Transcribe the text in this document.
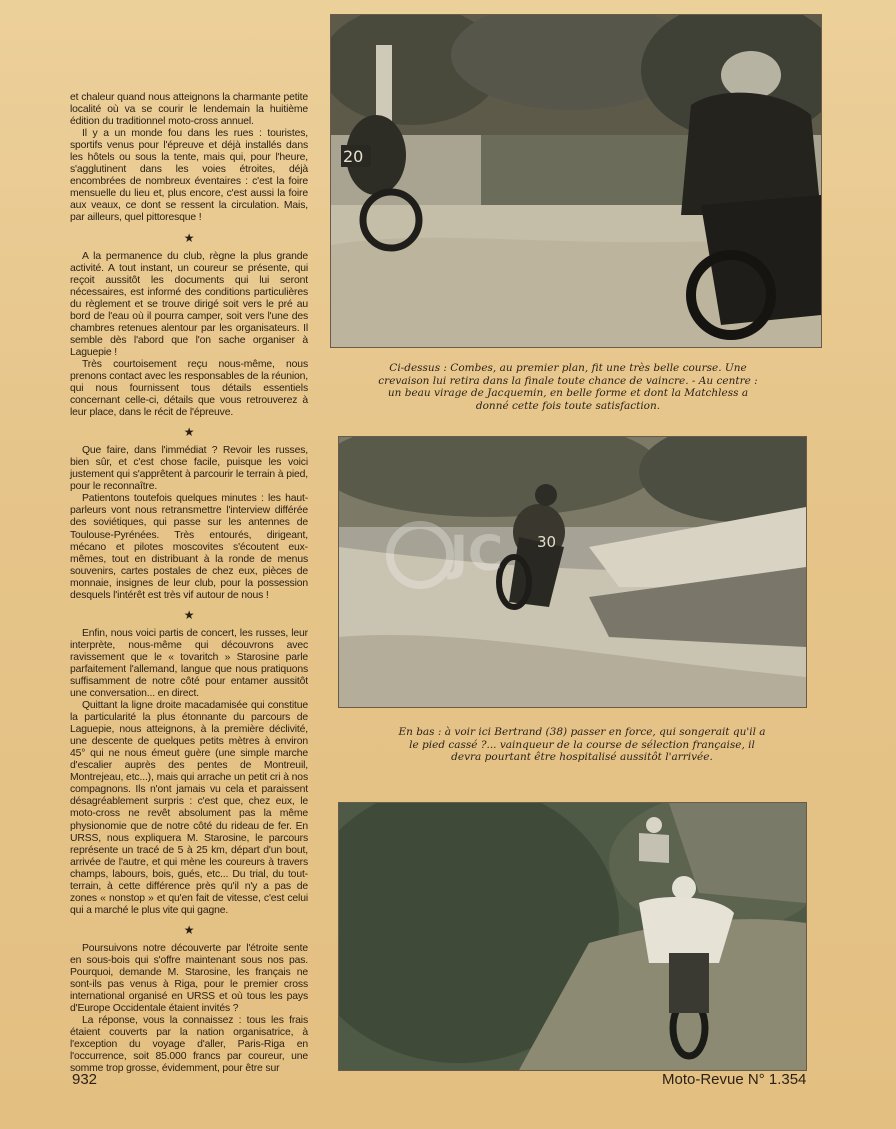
et chaleur quand nous atteignons la charmante petite localité où va se courir le lendemain la huitième édition du traditionnel moto-cross annuel.

Il y a un monde fou dans les rues : touristes, sportifs venus pour l'épreuve et déjà installés dans les hôtels ou sous la tente, mais qui, pour l'heure, s'agglutinent dans les voies étroites, déjà encombrées de nombreux éventaires : c'est la foire mensuelle du lieu et, plus encore, c'est aussi la foire aux veaux, ce dont se ressent la circulation. Mais, par ailleurs, quel pittoresque !

★

A la permanence du club, règne la plus grande activité. A tout instant, un coureur se présente, qui reçoit aussitôt les documents qui lui seront nécessaires, est informé des conditions particulières du règlement et se trouve dirigé soit vers le pré au bord de l'eau où il pourra camper, soit vers l'une des chambres retenues alentour par les organisateurs. Il semble dès l'abord que l'on sache organiser à Laguepie !

Très courtoisement reçu nous-même, nous prenons contact avec les responsables de la réunion, qui nous fournissent tous détails essentiels concernant celle-ci, détails que vous retrouverez à leur place, dans le récit de l'épreuve.

★

Que faire, dans l'immédiat ? Revoir les russes, bien sûr, et c'est chose facile, puisque les voici justement qui s'apprêtent à parcourir le terrain à pied, pour le reconnaître.

Patientons toutefois quelques minutes : les haut-parleurs vont nous retransmettre l'interview différée des soviétiques, qui passe sur les antennes de Toulouse-Pyrénées. Très entourés, dirigeant, mécano et pilotes moscovites s'écoutent eux-mêmes, tout en distribuant à la ronde de menus souvenirs, cartes postales de chez eux, pièces de monnaie, insignes de leur club, pour la possession desquels l'intérêt est très vif autour de nous !

★

Enfin, nous voici partis de concert, les russes, leur interprète, nous-même qui découvrons avec ravissement que le « tovaritch » Starosine parle parfaitement l'allemand, langue que nous pratiquons suffisamment de notre côté pour entamer aussitôt une conversation... en direct.

Quittant la ligne droite macadamisée qui constitue la particularité la plus étonnante du parcours de Laguepie, nous atteignons, à la première déclivité, une descente de quelques petits mètres à environ 45° qui ne nous émeut guère (une simple marche d'escalier auprès des pentes de Montreuil, Montrejeau, etc...), mais qui arrache un petit cri à nos compagnons. Ils n'ont jamais vu cela et paraissent désagréablement surpris : c'est que, chez eux, le moto-cross ne revêt absolument pas la même physionomie que de notre côté du rideau de fer. En URSS, nous expliquera M. Starosine, le parcours représente un tracé de 5 à 25 km, départ d'un bout, arrivée de l'autre, et qui mène les coureurs à travers champs, labours, bois, gués, etc... Du trial, du tout-terrain, à cette différence près qu'il n'y a pas de zones « nonstop » et qu'en fait de vitesse, c'est celui qui a marché le plus vite qui gagne.

★

Poursuivons notre découverte par l'étroite sente en sous-bois qui s'offre maintenant sous nos pas. Pourquoi, demande M. Starosine, les français ne sont-ils pas venus à Riga, pour le premier cross international organisé en URSS et où tous les pays d'Europe Occidentale étaient invités ?

La réponse, vous la connaissez : tous les frais étaient couverts par la nation organisatrice, à l'exception du voyage d'aller, Paris-Riga en l'occurrence, soit 85.000 francs par coureur, une somme trop grosse, évidemment, pour être sur

20
Ci-dessus : Combes, au premier plan, fit une très belle course. Une crevaison lui retira dans la finale toute chance de vaincre. - Au centre : un beau virage de Jacquemin, en belle forme et dont la Matchless a donné cette fois toute satisfaction.
30
JC
En bas : à voir ici Bertrand (38) passer en force, qui songerait qu'il a le pied cassé ?... vainqueur de la course de sélection française, il devra pourtant être hospitalisé aussitôt l'arrivée.
932	Moto-Revue N° 1.354
